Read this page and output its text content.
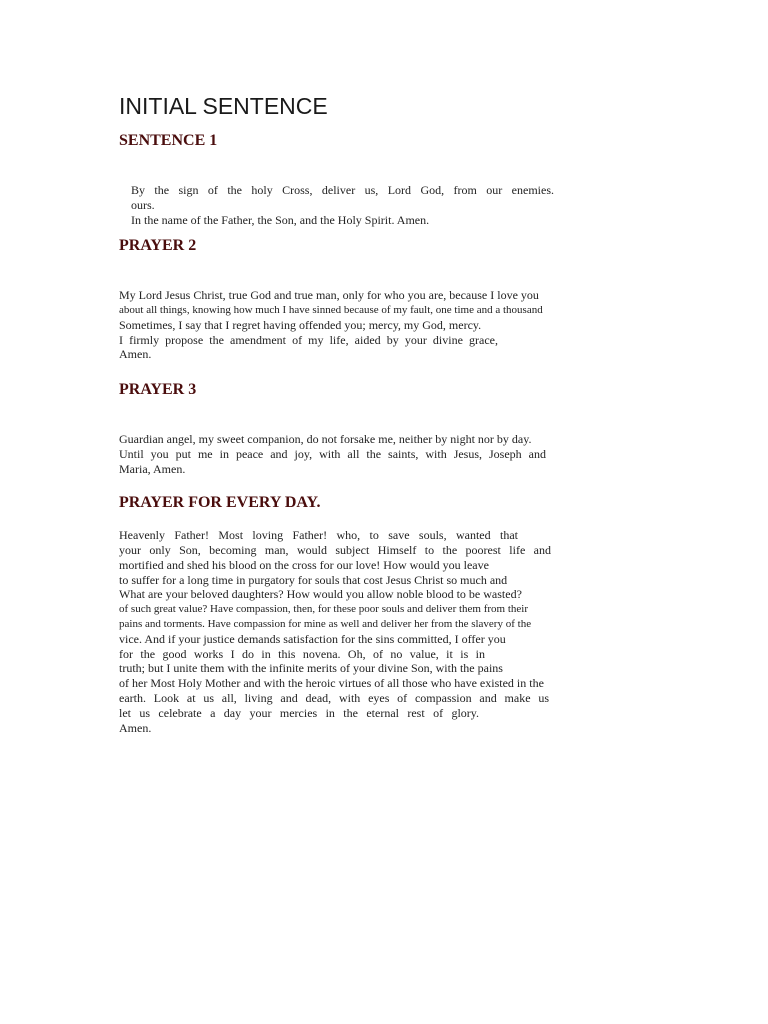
INITIAL SENTENCE
SENTENCE 1

By the sign of the holy Cross, deliver us, Lord God, from our enemies.

ours.

In the name of the Father, the Son, and the Holy Spirit. Amen.

PRAYER 2

My Lord Jesus Christ, true God and true man, only for who you are, because I love you

about all things, knowing how much I have sinned because of my fault, one time and a thousand

Sometimes, I say that I regret having offended you; mercy, my God, mercy.

I firmly propose the amendment of my life, aided by your divine grace,

Amen.

PRAYER 3

Guardian angel, my sweet companion, do not forsake me, neither by night nor by day.

Until you put me in peace and joy, with all the saints, with Jesus, Joseph and

Maria, Amen.

PRAYER FOR EVERY DAY.

Heavenly Father! Most loving Father! who, to save souls, wanted that

your only Son, becoming man, would subject Himself to the poorest life and

mortified and shed his blood on the cross for our love! How would you leave

to suffer for a long time in purgatory for souls that cost Jesus Christ so much and

What are your beloved daughters? How would you allow noble blood to be wasted?

of such great value? Have compassion, then, for these poor souls and deliver them from their

pains and torments. Have compassion for mine as well and deliver her from the slavery of the

vice. And if your justice demands satisfaction for the sins committed, I offer you

for the good works I do in this novena. Oh, of no value, it is in

truth; but I unite them with the infinite merits of your divine Son, with the pains

of her Most Holy Mother and with the heroic virtues of all those who have existed in the

earth. Look at us all, living and dead, with eyes of compassion and make us

let us celebrate a day your mercies in the eternal rest of glory.

Amen.
